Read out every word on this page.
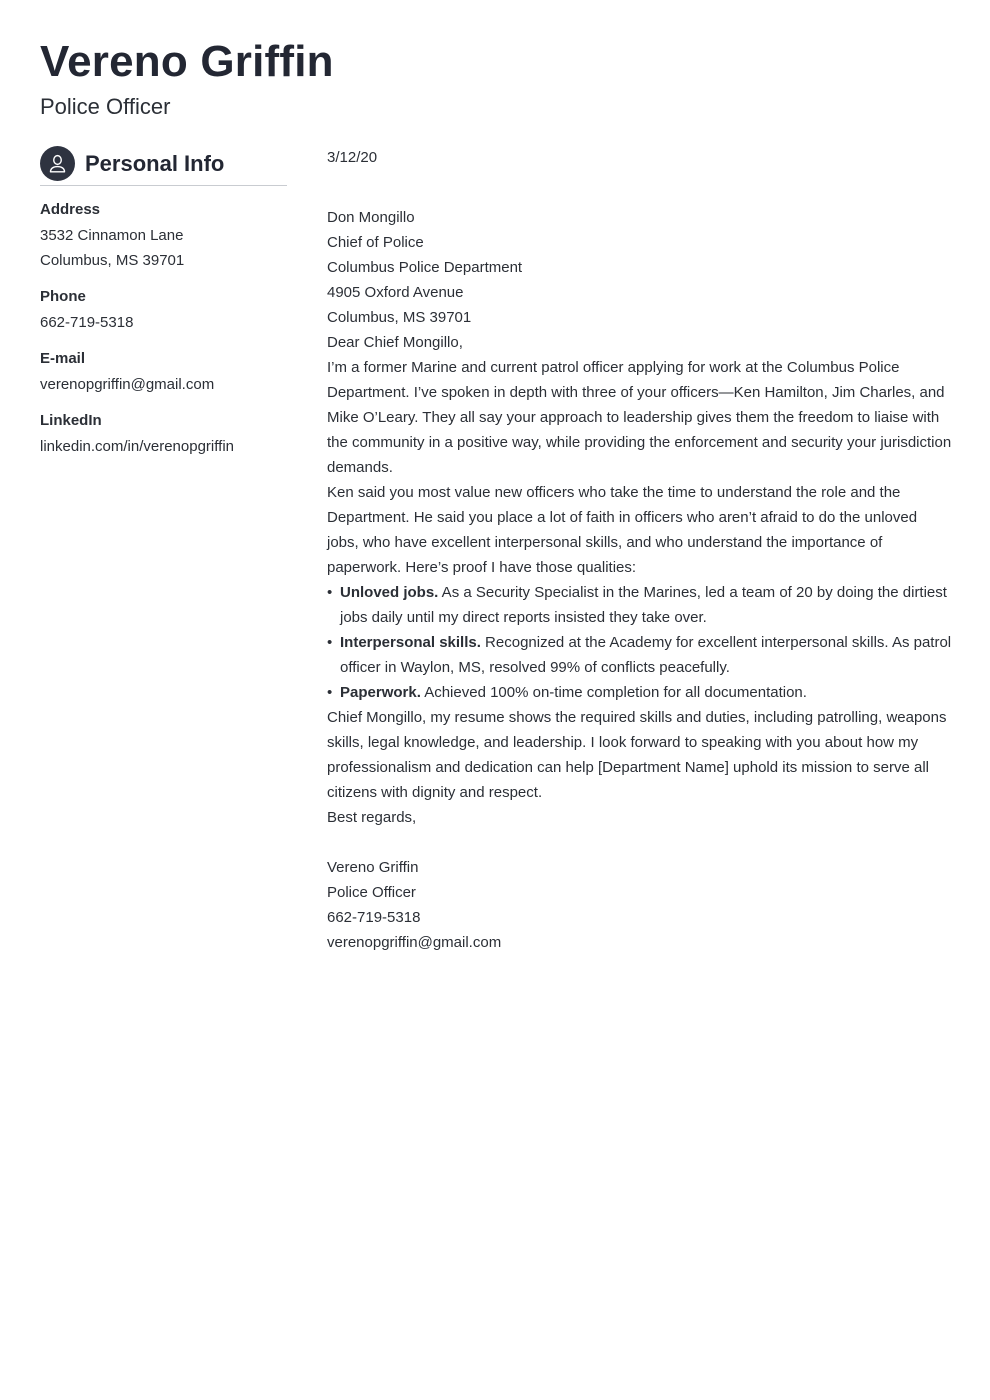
Vereno Griffin
Police Officer
Personal Info
Address
3532 Cinnamon Lane
Columbus, MS 39701
Phone
662-719-5318
E-mail
verenopgriffin@gmail.com
LinkedIn
linkedin.com/in/verenopgriffin

3/12/20

Don Mongillo

Chief of Police

Columbus Police Department

4905 Oxford Avenue

Columbus, MS 39701

Dear Chief Mongillo,

I’m a former Marine and current patrol officer applying for work at the Columbus Police Department. I’ve spoken in depth with three of your officers—Ken Hamilton, Jim Charles, and Mike O’Leary. They all say your approach to leadership gives them the freedom to liaise with the community in a positive way, while providing the enforcement and security your jurisdiction demands.

Ken said you most value new officers who take the time to understand the role and the Department. He said you place a lot of faith in officers who aren’t afraid to do the unloved jobs, who have excellent interpersonal skills, and who understand the importance of paperwork. Here’s proof I have those qualities:

• Unloved jobs. As a Security Specialist in the Marines, led a team of 20 by doing the dirtiest jobs daily until my direct reports insisted they take over.
• Interpersonal skills. Recognized at the Academy for excellent interpersonal skills. As patrol officer in Waylon, MS, resolved 99% of conflicts peacefully.
• Paperwork. Achieved 100% on-time completion for all documentation.

Chief Mongillo, my resume shows the required skills and duties, including patrolling, weapons skills, legal knowledge, and leadership. I look forward to speaking with you about how my professionalism and dedication can help [Department Name] uphold its mission to serve all citizens with dignity and respect.

Best regards,

Vereno Griffin

Police Officer

662-719-5318

verenopgriffin@gmail.com
